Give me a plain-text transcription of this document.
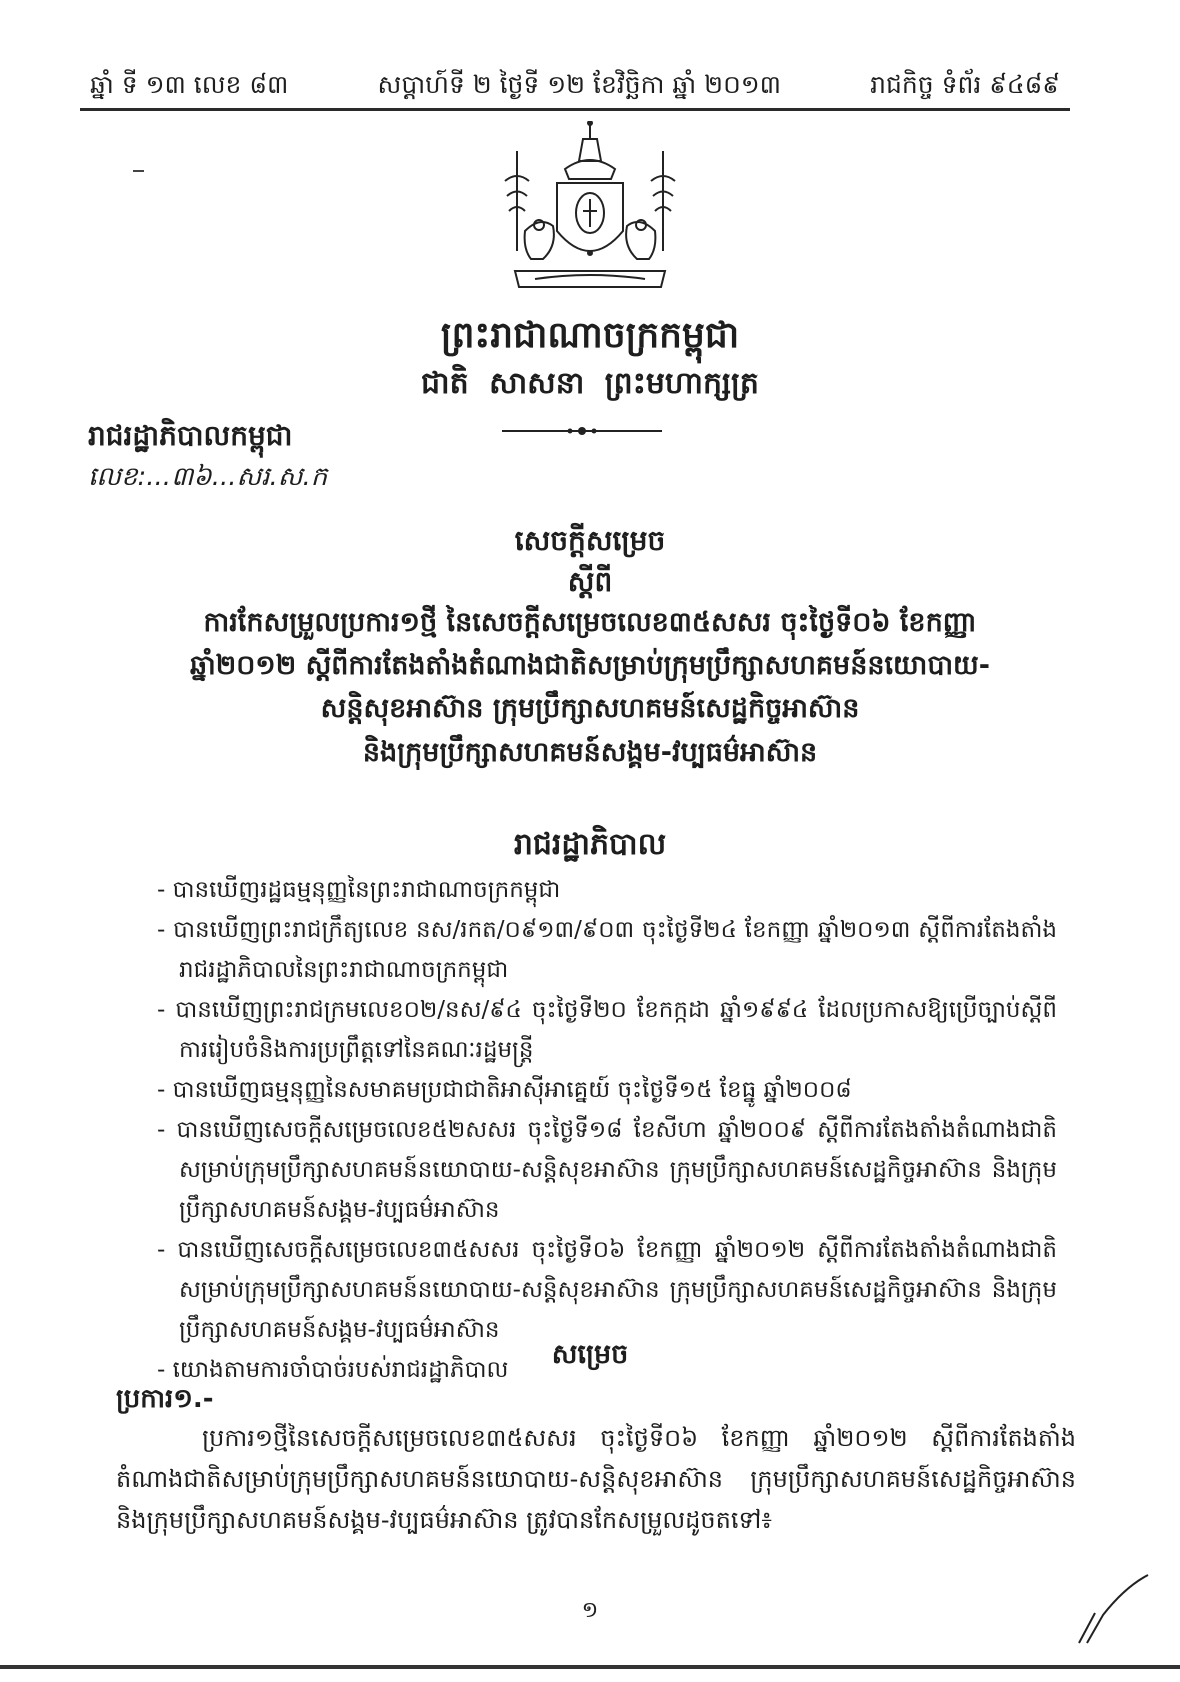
ឆ្នាំ ទី ១៣ លេខ ៨៣	សប្តាហ៍ទី ២ ថ្ងៃទី ១២ ខែវិច្ឆិកា ឆ្នាំ ២០១៣	រាជកិច្ច ទំព័រ ៩៤៨៩
ព្រះរាជាណាចក្រកម្ពុជា
ជាតិ សាសនា ព្រះមហាក្សត្រ
រាជរដ្ឋាភិបាលកម្ពុជា
លេខ:...៣៦...សរ.ស.ក
សេចក្តីសម្រេច
ស្តីពី
ការកែសម្រួលប្រការ១ថ្មី នៃសេចក្តីសម្រេចលេខ៣៥សសរ ចុះថ្ងៃទី០៦ ខែកញ្ញា
ឆ្នាំ២០១២ ស្តីពីការតែងតាំងតំណាងជាតិសម្រាប់ក្រុមប្រឹក្សាសហគមន៍នយោបាយ-
សន្តិសុខអាស៊ាន ក្រុមប្រឹក្សាសហគមន៍សេដ្ឋកិច្ចអាស៊ាន
និងក្រុមប្រឹក្សាសហគមន៍សង្គម-វប្បធម៌អាស៊ាន
រាជរដ្ឋាភិបាល
- បានឃើញរដ្ឋធម្មនុញ្ញនៃព្រះរាជាណាចក្រកម្ពុជា
- បានឃើញព្រះរាជក្រឹត្យលេខ នស/រកត/០៩១៣/៩០៣ ចុះថ្ងៃទី២៤ ខែកញ្ញា ឆ្នាំ២០១៣ ស្តីពីការតែងតាំងរាជរដ្ឋាភិបាលនៃព្រះរាជាណាចក្រកម្ពុជា
- បានឃើញព្រះរាជក្រមលេខ០២/នស/៩៤ ចុះថ្ងៃទី២០ ខែកក្កដា ឆ្នាំ១៩៩៤ ដែលប្រកាសឱ្យប្រើច្បាប់ស្តីពីការរៀបចំនិងការប្រព្រឹត្តទៅនៃគណៈរដ្ឋមន្ត្រី
- បានឃើញធម្មនុញ្ញនៃសមាគមប្រជាជាតិអាស៊ីអាគ្នេយ៍ ចុះថ្ងៃទី១៥ ខែធ្នូ ឆ្នាំ២០០៨
- បានឃើញសេចក្តីសម្រេចលេខ៥២សសរ ចុះថ្ងៃទី១៨ ខែសីហា ឆ្នាំ២០០៩ ស្តីពីការតែងតាំងតំណាងជាតិសម្រាប់ក្រុមប្រឹក្សាសហគមន៍នយោបាយ-សន្តិសុខអាស៊ាន ក្រុមប្រឹក្សាសហគមន៍សេដ្ឋកិច្ចអាស៊ាន និងក្រុមប្រឹក្សាសហគមន៍សង្គម-វប្បធម៌អាស៊ាន
- បានឃើញសេចក្តីសម្រេចលេខ៣៥សសរ ចុះថ្ងៃទី០៦ ខែកញ្ញា ឆ្នាំ២០១២ ស្តីពីការតែងតាំងតំណាងជាតិ សម្រាប់ក្រុមប្រឹក្សាសហគមន៍នយោបាយ-សន្តិសុខអាស៊ាន ក្រុមប្រឹក្សាសហគមន៍សេដ្ឋកិច្ចអាស៊ាន និងក្រុមប្រឹក្សាសហគមន៍សង្គម-វប្បធម៌អាស៊ាន
សម្រេច
ប្រការ១.-
ប្រការ១ថ្មីនៃសេចក្តីសម្រេចលេខ៣៥សសរ ចុះថ្ងៃទី០៦ ខែកញ្ញា ឆ្នាំ២០១២ ស្តីពីការតែងតាំងតំណាងជាតិសម្រាប់ក្រុមប្រឹក្សាសហគមន៍នយោបាយ-សន្តិសុខអាស៊ាន ក្រុមប្រឹក្សាសហគមន៍សេដ្ឋកិច្ចអាស៊ាន និងក្រុមប្រឹក្សាសហគមន៍សង្គម-វប្បធម៌អាស៊ាន ត្រូវបានកែសម្រួលដូចតទៅ៖
១
- យោងតាមការចាំបាច់របស់រាជរដ្ឋាភិបាល
